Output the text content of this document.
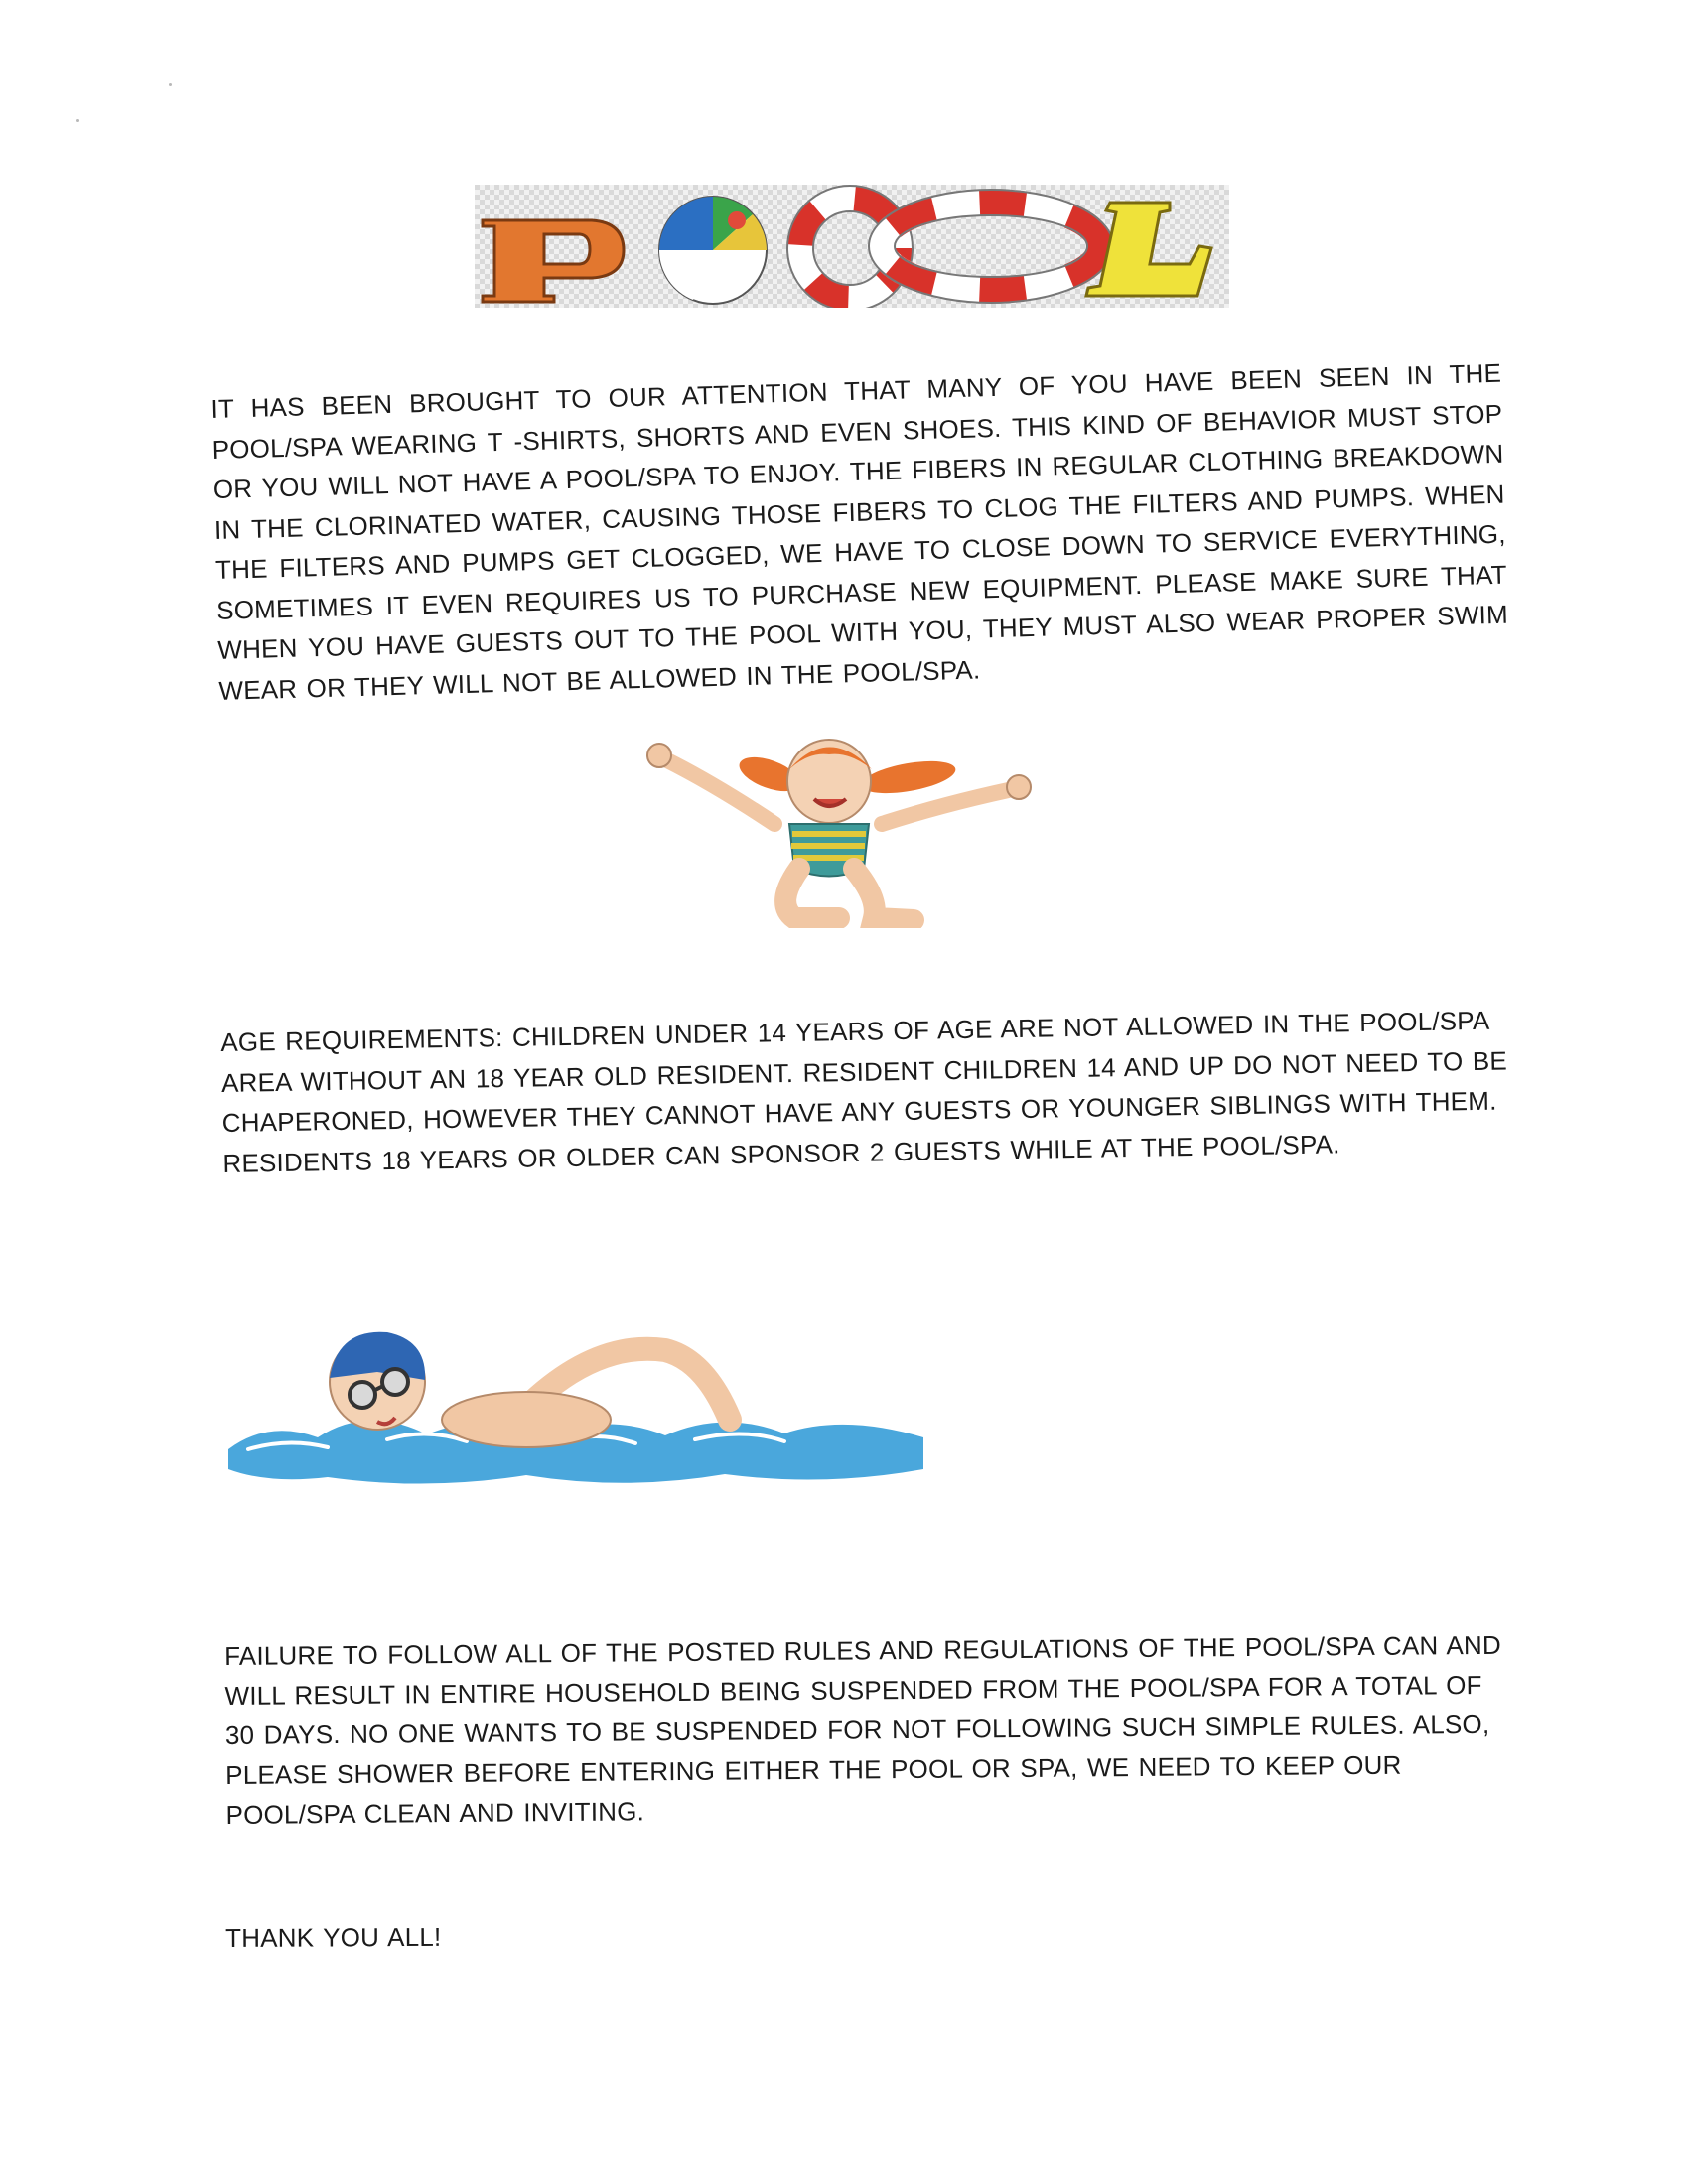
IT HAS BEEN BROUGHT TO OUR ATTENTION THAT MANY OF YOU HAVE BEEN SEEN IN THE POOL/SPA WEARING T -SHIRTS, SHORTS AND EVEN SHOES. THIS KIND OF BEHAVIOR MUST STOP OR YOU WILL NOT HAVE A POOL/SPA TO ENJOY. THE FIBERS IN REGULAR CLOTHING BREAKDOWN IN THE CLORINATED WATER, CAUSING THOSE FIBERS TO CLOG THE FILTERS AND PUMPS. WHEN THE FILTERS AND PUMPS GET CLOGGED, WE HAVE TO CLOSE DOWN TO SERVICE EVERYTHING, SOMETIMES IT EVEN REQUIRES US TO PURCHASE NEW EQUIPMENT. PLEASE MAKE SURE THAT WHEN YOU HAVE GUESTS OUT TO THE POOL WITH YOU, THEY MUST ALSO WEAR PROPER SWIM WEAR OR THEY WILL NOT BE ALLOWED IN THE POOL/SPA.

AGE REQUIREMENTS: CHILDREN UNDER 14 YEARS OF AGE ARE NOT ALLOWED IN THE POOL/SPA AREA WITHOUT AN 18 YEAR OLD RESIDENT. RESIDENT CHILDREN 14 AND UP DO NOT NEED TO BE CHAPERONED, HOWEVER THEY CANNOT HAVE ANY GUESTS OR YOUNGER SIBLINGS WITH THEM. RESIDENTS 18 YEARS OR OLDER CAN SPONSOR 2 GUESTS WHILE AT THE POOL/SPA.

FAILURE TO FOLLOW ALL OF THE POSTED RULES AND REGULATIONS OF THE POOL/SPA CAN AND WILL RESULT IN ENTIRE HOUSEHOLD BEING SUSPENDED FROM THE POOL/SPA FOR A TOTAL OF 30 DAYS. NO ONE WANTS TO BE SUSPENDED FOR NOT FOLLOWING SUCH SIMPLE RULES. ALSO, PLEASE SHOWER BEFORE ENTERING EITHER THE POOL OR SPA, WE NEED TO KEEP OUR POOL/SPA CLEAN AND INVITING.

THANK YOU ALL!
